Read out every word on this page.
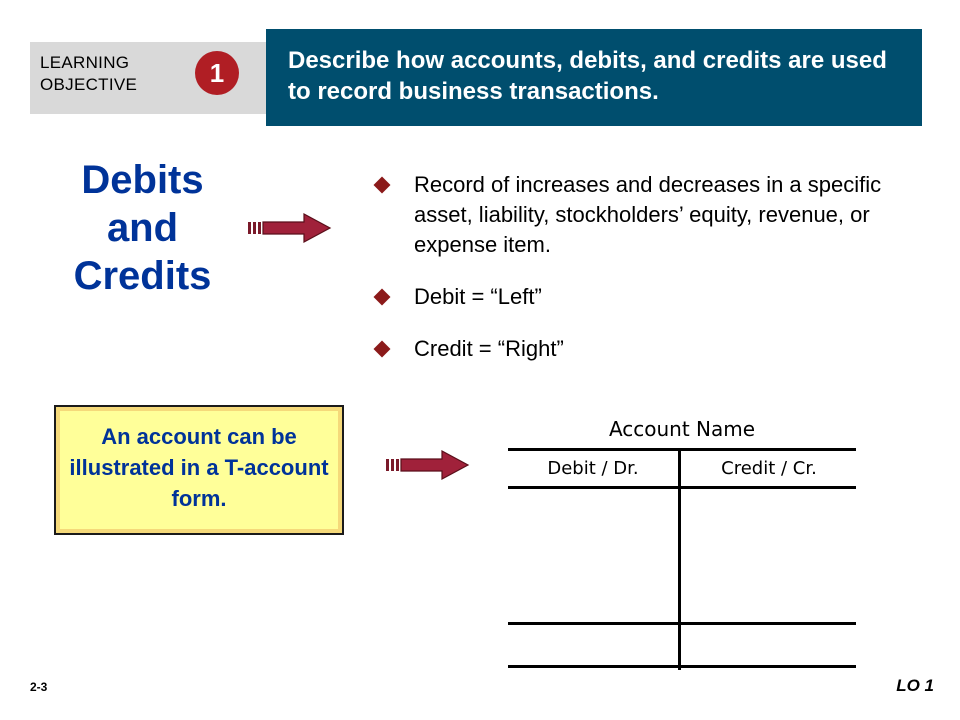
LEARNING
OBJECTIVE	1	Describe how accounts, debits, and credits are used to record business transactions.
Debits
and
Credits
Record of increases and decreases in a specific asset, liability, stockholders’ equity, revenue, or expense item.
Debit = “Left”
Credit = “Right”
An account can be illustrated in a T-account form.
Account Name
Debit / Dr.	Credit / Cr.
2-3	LO 1
